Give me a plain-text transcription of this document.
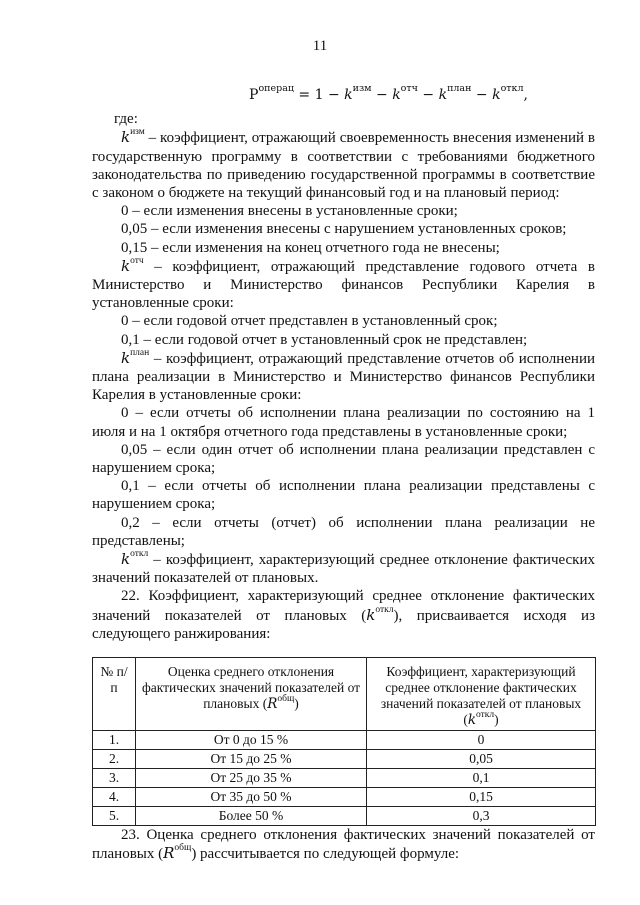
11
$P^{операц} = 1 - k^{изм} - k^{отч} - k^{план} - k^{откл}$,

где:

$k^{изм}$ – коэффициент, отражающий своевременность внесения изменений в государственную программу в соответствии с требованиями бюджетного законодательства по приведению государственной программы в соответствие с законом о бюджете на текущий финансовый год и на плановый период:

0 – если изменения внесены в установленные сроки;

0,05 – если изменения внесены с нарушением установленных сроков;

0,15 – если изменения на конец отчетного года не внесены;

$k^{отч}$ – коэффициент, отражающий представление годового отчета в Министерство и Министерство финансов Республики Карелия в установленные сроки:

0 – если годовой отчет представлен в установленный срок;

0,1 – если годовой отчет в установленный срок не представлен;

$k^{план}$ – коэффициент, отражающий представление отчетов об исполнении плана реализации в Министерство и Министерство финансов Республики Карелия в установленные сроки:

0 – если отчеты об исполнении плана реализации по состоянию на 1 июля и на 1 октября отчетного года представлены в установленные сроки;

0,05 – если один отчет об исполнении плана реализации представлен с нарушением срока;

0,1 – если отчеты об исполнении плана реализации представлены с нарушением срока;

0,2 – если отчеты (отчет) об исполнении плана реализации не представлены;

$k^{откл}$ – коэффициент, характеризующий среднее отклонение фактических значений показателей от плановых.

22. Коэффициент, характеризующий среднее отклонение фактических значений показателей от плановых $(k^{откл})$, присваивается исходя из следующего ранжирования:

№ п/п	Оценка среднего отклонения фактических значений показателей от плановых $(R^{общ})$	Коэффициент, характеризующий среднее отклонение фактических значений показателей от плановых $(k^{откл})$
1.	От 0 до 15 %	0
2.	От 15 до 25 %	0,05
3.	От 25 до 35 %	0,1
4.	От 35 до 50 %	0,15
5.	Более 50 %	0,3

23. Оценка среднего отклонения фактических значений показателей от плановых $(R^{общ})$ рассчитывается по следующей формуле:
